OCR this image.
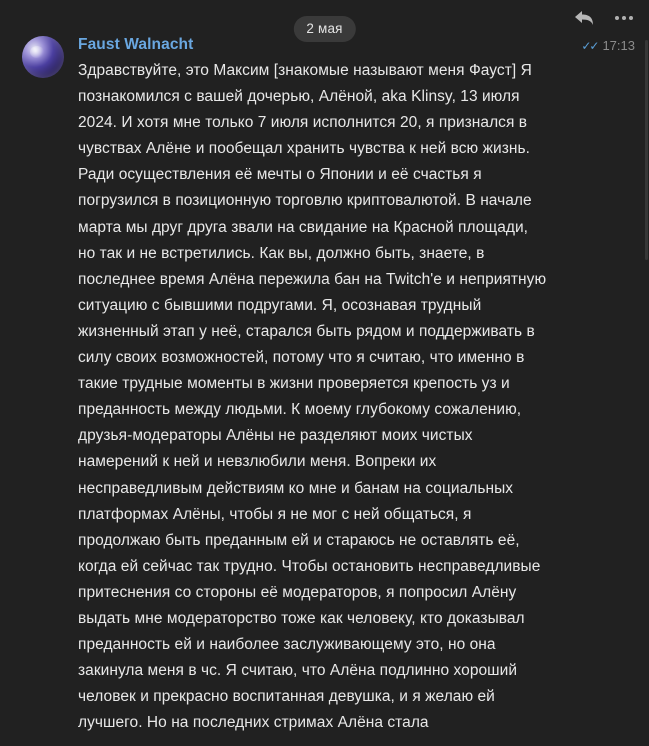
2 мая
✓✓ 17:13
Faust Walnacht
Здравствуйте, это Максим [знакомые называют меня Фауст] Я познакомился с вашей дочерью, Алёной, aka Klinsy, 13 июля 2024. И хотя мне только 7 июля исполнится 20, я признался в чувствах Алёне и пообещал хранить чувства к ней всю жизнь. Ради осуществления её мечты о Японии и её счастья я погрузился в позиционную торговлю криптовалютой. В начале марта мы друг друга звали на свидание на Красной площади, но так и не встретились. Как вы, должно быть, знаете, в последнее время Алёна пережила бан на Twitch'е и неприятную ситуацию с бывшими подругами. Я, осознавая трудный жизненный этап у неё, старался быть рядом и поддерживать в силу своих возможностей, потому что я считаю, что именно в такие трудные моменты в жизни проверяется крепость уз и преданность между людьми. К моему глубокому сожалению, друзья-модераторы Алёны не разделяют моих чистых намерений к ней и невзлюбили меня. Вопреки их несправедливым действиям ко мне и банам на социальных платформах Алёны, чтобы я не мог с ней общаться, я продолжаю быть преданным ей и стараюсь не оставлять её, когда ей сейчас так трудно. Чтобы остановить несправедливые притеснения со стороны её модераторов, я попросил Алёну выдать мне модераторство тоже как человеку, кто доказывал преданность ей и наиболее заслуживающему это, но она закинула меня в чс. Я считаю, что Алёна подлинно хороший человек и прекрасно воспитанная девушка, и я желаю ей лучшего. Но на последних стримах Алёна стала
